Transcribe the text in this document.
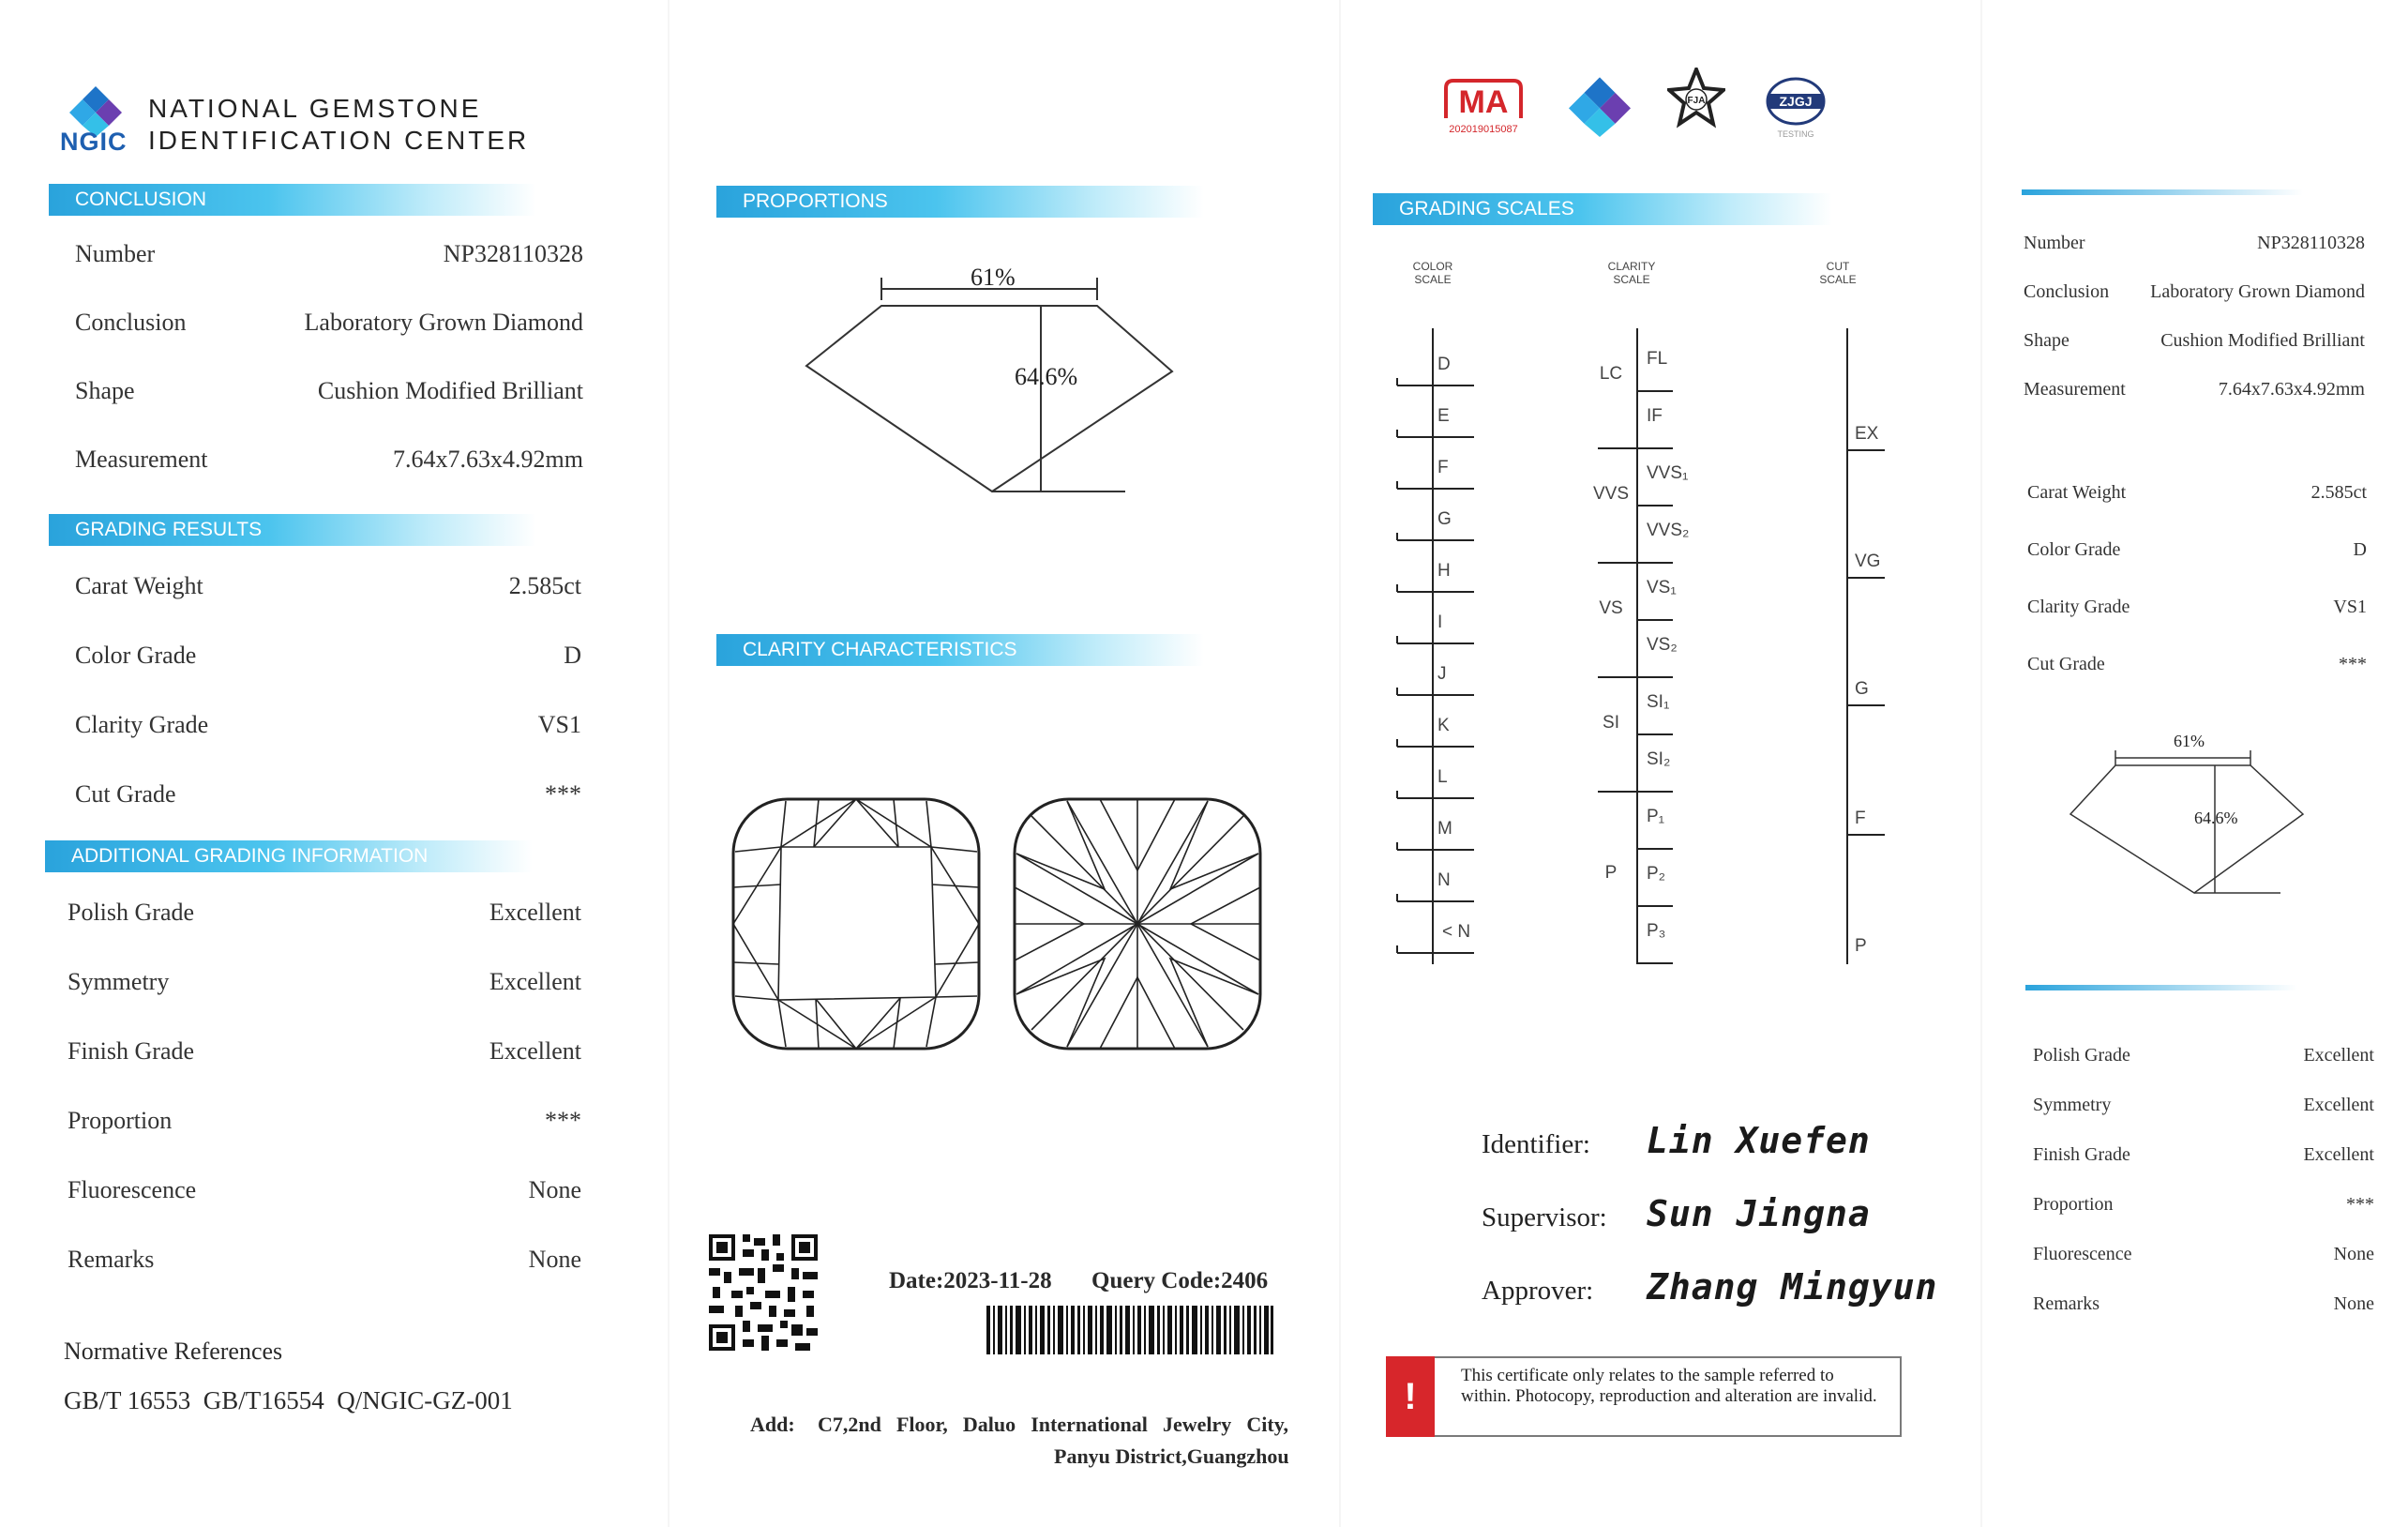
NGIC
NATIONAL GEMSTONE
IDENTIFICATION CENTER
CONCLUSION
Number	NP328110328
Conclusion	Laboratory Grown Diamond
Shape	Cushion Modified Brilliant
Measurement	7.64x7.63x4.92mm
GRADING RESULTS
Carat Weight	2.585ct
Color Grade	D
Clarity Grade	VS1
Cut Grade	***
ADDITIONAL GRADING INFORMATION
Polish Grade	Excellent
Symmetry	Excellent
Finish Grade	Excellent
Proportion	***
Fluorescence	None
Remarks	None
Normative References
GB/T 16553  GB/T16554  Q/NGIC-GZ-001
PROPORTIONS
61%
64.6%
CLARITY CHARACTERISTICS
Date:2023-11-28 Query Code:2406
Add: C7,2nd Floor, Daluo International Jewelry City,
Panyu District,Guangzhou
MA
202019015087
FJA	ZJGJ
TESTING
GRADING SCALES
COLOR
SCALE
CLARITY
SCALE
CUT
SCALE
D
E
F
G
H
I
J
K
L
M
N
< N
FL
IF
VVS₁
VVS₂
VS₁
VS₂
SI₁
SI₂
P₁
P₂
P₃
LC
VVS
VS
SI
P
EX
VG
G
F
P
Identifier: Lin Xuefen
Supervisor: Sun Jingna
Approver: Zhang Mingyun
!
This certificate only relates to the sample referred to within. Photocopy, reproduction and alteration are invalid.
Number	NP328110328
Conclusion Laboratory Grown Diamond
Shape	Cushion Modified Brilliant
Measurement	7.64x7.63x4.92mm
Carat Weight	2.585ct
Color Grade	D
Clarity Grade	VS1
Cut Grade	***
61%
64.6%
Polish Grade	Excellent
Symmetry	Excellent
Finish Grade	Excellent
Proportion	***
Fluorescence	None
Remarks	None
